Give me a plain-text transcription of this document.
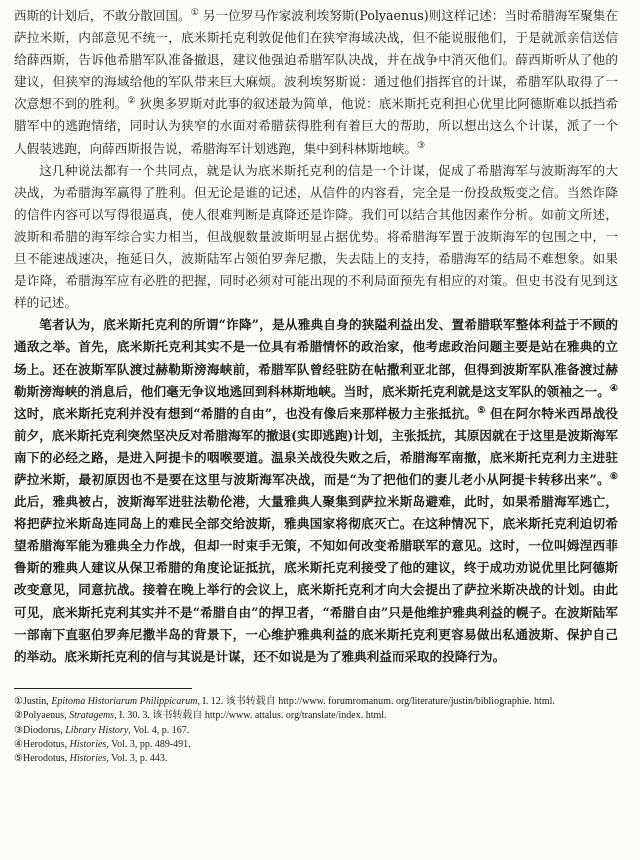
西斯的计划后，不敢分散回国。① 另一位罗马作家波利埃努斯(Polyaenus)则这样记述：当时希腊海军聚集在萨拉米斯，内部意见不统一，底米斯托克利敦促他们在狭窄海域决战，但不能说服他们，于是就派亲信送信给薛西斯，告诉他希腊军队准备撤退，建议他强迫希腊军队决战，并在战争中消灭他们。薛西斯听从了他的建议，但狭窄的海域给他的军队带来巨大麻烦。波利埃努斯说：通过他们指挥官的计谋，希腊军队取得了一次意想不到的胜利。② 狄奥多罗斯对此事的叙述最为简单，他说：底米斯托克利担心优里比阿德斯难以抵挡希腊军中的逃跑情绪，同时认为狭窄的水面对希腊获得胜利有着巨大的帮助，所以想出这么个计谋，派了一个人假装逃跑，向薛西斯报告说，希腊海军计划逃跑，集中到科林斯地峡。③

这几种说法都有一个共同点，就是认为底米斯托克利的信是一个计谋，促成了希腊海军与波斯海军的大决战，为希腊海军赢得了胜利。但无论是谁的记述，从信件的内容看，完全是一份投敌叛变之信。当然诈降的信件内容可以写得很逼真，使人很难判断是真降还是诈降。我们可以结合其他因素作分析。如前文所述，波斯和希腊的海军综合实力相当，但战舰数量波斯明显占据优势。将希腊海军置于波斯海军的包围之中，一旦不能速战速决，拖延日久，波斯陆军占领伯罗奔尼撒，失去陆上的支持，希腊海军的结局不难想象。如果是诈降，希腊海军应有必胜的把握，同时必须对可能出现的不利局面预先有相应的对策。但史书没有见到这样的记述。

笔者认为，底米斯托克利的所谓“诈降”，是从雅典自身的狭隘利益出发、置希腊联军整体利益于不顾的通敌之举。首先，底米斯托克利其实不是一位具有希腊情怀的政治家，他考虑政治问题主要是站在雅典的立场上。还在波斯军队渡过赫勒斯滂海峡前，希腊军队曾经驻防在帖撒利亚北部，但得到波斯军队准备渡过赫勒斯滂海峡的消息后，他们毫无争议地逃回到科林斯地峡。当时，底米斯托克利就是这支军队的领袖之一。④ 这时，底米斯托克利并没有想到“希腊的自由”，也没有像后来那样极力主张抵抗。⑤ 但在阿尔特米西昂战役前夕，底米斯托克利突然坚决反对希腊海军的撤退(实即逃跑)计划，主张抵抗，其原因就在于这里是波斯海军南下的必经之路，是进入阿提卡的咽喉要道。温泉关战役失败之后，希腊海军南撤，底米斯托克利力主进驻萨拉米斯，最初原因也不是要在这里与波斯海军决战，而是“为了把他们的妻儿老小从阿提卡转移出来”。⑥ 此后，雅典被占，波斯海军进驻法勒伦港，大量雅典人聚集到萨拉米斯岛避难，此时，如果希腊海军逃亡，将把萨拉米斯岛连同岛上的难民全部交给波斯，雅典国家将彻底灭亡。在这种情况下，底米斯托克利迫切希望希腊海军能为雅典全力作战，但却一时束手无策，不知如何改变希腊联军的意见。这时，一位叫姆涅西菲鲁斯的雅典人建议从保卫希腊的角度论证抵抗，底米斯托克利接受了他的建议，终于成功劝说优里比阿德斯改变意见，同意抗战。接着在晚上举行的会议上，底米斯托克利才向大会提出了萨拉米斯决战的计划。由此可见，底米斯托克利其实并不是“希腊自由”的捍卫者，“希腊自由”只是他维护雅典利益的幌子。在波斯陆军一部南下直驱伯罗奔尼撒半岛的背景下，一心维护雅典利益的底米斯托克利更容易做出私通波斯、保护自己的举动。底米斯托克利的信与其说是计谋，还不如说是为了雅典利益而采取的投降行为。

①Justin, Epitoma Historiarum Philippicarum, I. 12. 该书转载自 http://www. forumromanum. org/literature/justin/bibliographie. html.

②Polyaenus, Stratagems, I. 30. 3. 该书转载自 http://www. attalus. org/translate/index. html.

③Diodorus, Library History, Vol. 4, p. 167.

④Herodotus, Histories, Vol. 3, pp. 489-491.

⑤Herodotus, Histories, Vol. 3, p. 443.
